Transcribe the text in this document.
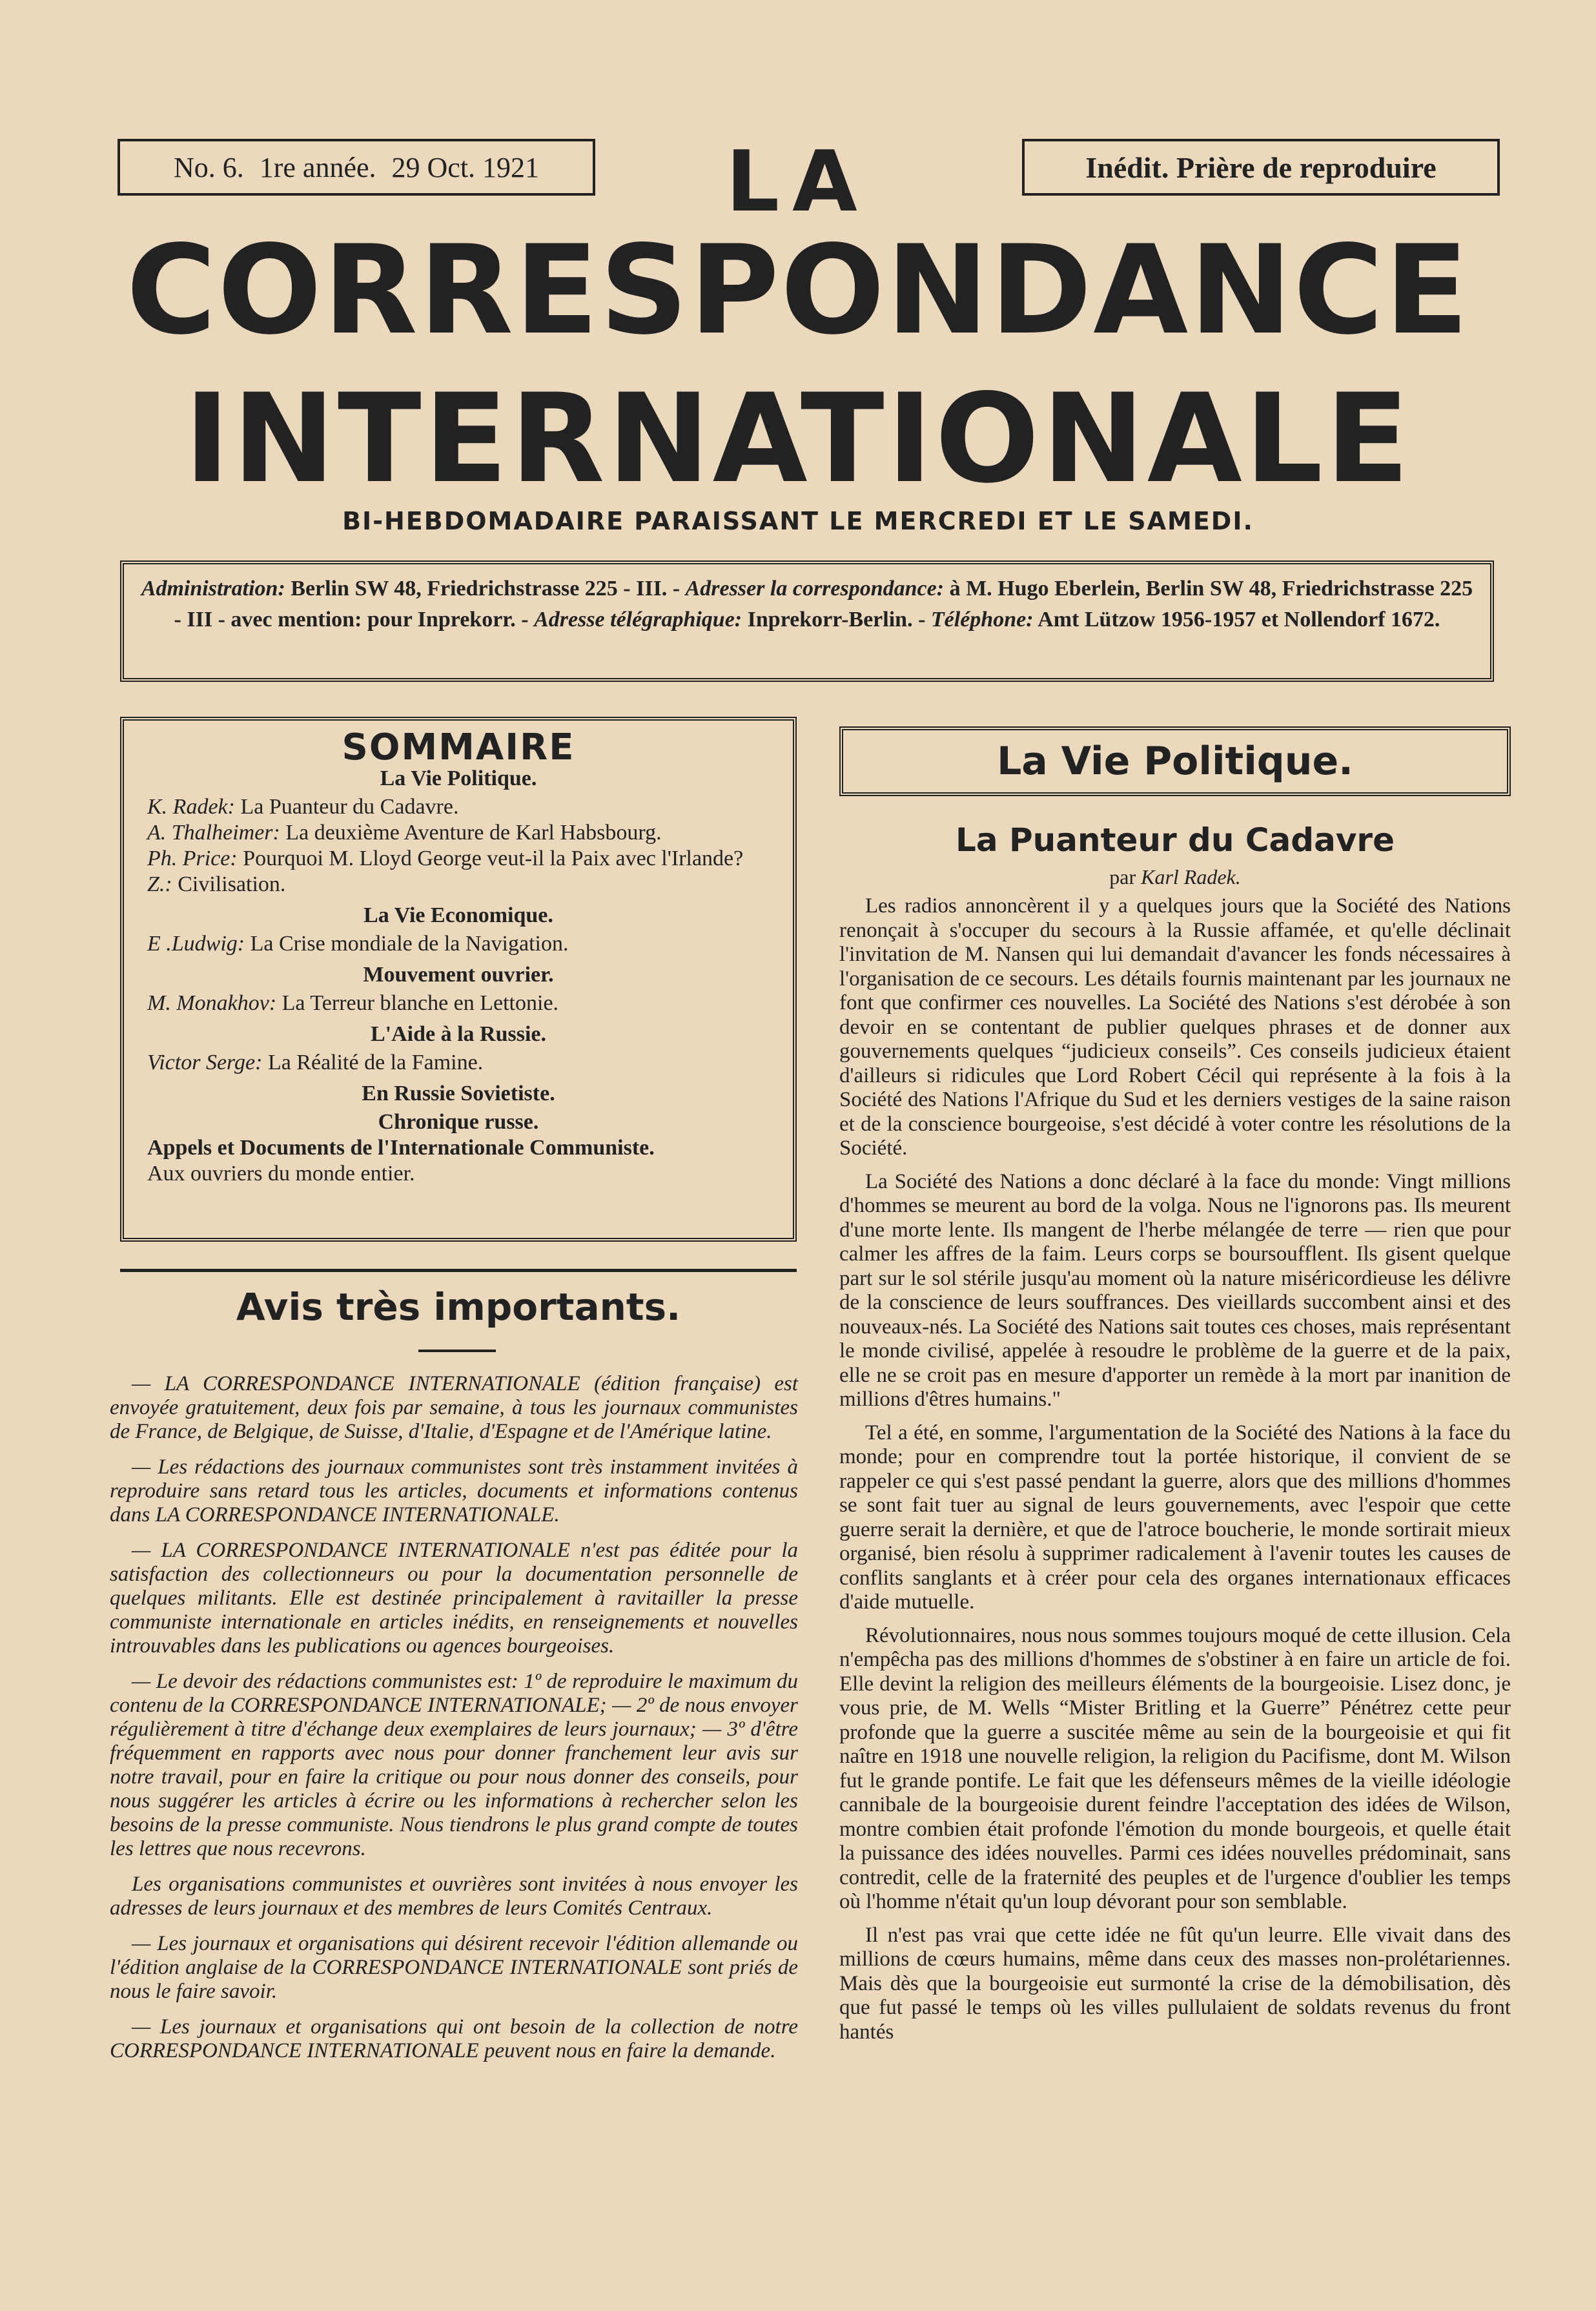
No. 6. 1re année. 29 Oct. 1921	LA	Inédit. Prière de reproduire
CORRESPONDANCE
INTERNATIONALE
BI-HEBDOMADAIRE PARAISSANT LE MERCREDI ET LE SAMEDI.
Administration: Berlin SW 48, Friedrichstrasse 225 - III. - Adresser la correspondance: à M. Hugo Eberlein, Berlin SW 48, Friedrichstrasse 225 - III - avec mention: pour Inprekorr. - Adresse télégraphique: Inprekorr-Berlin. - Téléphone: Amt Lützow 1956-1957 et Nollendorf 1672.
SOMMAIRE
La Vie Politique.
K. Radek: La Puanteur du Cadavre.
A. Thalheimer: La deuxième Aventure de Karl Habsbourg.
Ph. Price: Pourquoi M. Lloyd George veut-il la Paix avec l'Irlande?
Z.: Civilisation.
La Vie Economique.
E .Ludwig: La Crise mondiale de la Navigation.
Mouvement ouvrier.
M. Monakhov: La Terreur blanche en Lettonie.
L'Aide à la Russie.
Victor Serge: La Réalité de la Famine.
En Russie Sovietiste.
Chronique russe.
Appels et Documents de l'Internationale Communiste.
Aux ouvriers du monde entier.
Avis très importants.

— LA CORRESPONDANCE INTERNATIONALE (édition française) est envoyée gratuitement, deux fois par semaine, à tous les journaux communistes de France, de Belgique, de Suisse, d'Italie, d'Espagne et de l'Amérique latine.

— Les rédactions des journaux communistes sont très instamment invitées à reproduire sans retard tous les articles, documents et informations contenus dans LA CORRESPONDANCE INTERNATIONALE.

— LA CORRESPONDANCE INTERNATIONALE n'est pas éditée pour la satisfaction des collectionneurs ou pour la documentation personnelle de quelques militants. Elle est destinée principalement à ravitailler la presse communiste internationale en articles inédits, en renseignements et nouvelles introuvables dans les publications ou agences bourgeoises.

— Le devoir des rédactions communistes est: 1º de reproduire le maximum du contenu de la CORRESPONDANCE INTERNATIONALE; — 2º de nous envoyer régulièrement à titre d'échange deux exemplaires de leurs journaux; — 3º d'être fréquemment en rapports avec nous pour donner franchement leur avis sur notre travail, pour en faire la critique ou pour nous donner des conseils, pour nous suggérer les articles à écrire ou les informations à rechercher selon les besoins de la presse communiste. Nous tiendrons le plus grand compte de toutes les lettres que nous recevrons.

Les organisations communistes et ouvrières sont invitées à nous envoyer les adresses de leurs journaux et des membres de leurs Comités Centraux.

— Les journaux et organisations qui désirent recevoir l'édition allemande ou l'édition anglaise de la CORRESPONDANCE INTERNATIONALE sont priés de nous le faire savoir.

— Les journaux et organisations qui ont besoin de la collection de notre CORRESPONDANCE INTERNATIONALE peuvent nous en faire la demande.

La Vie Politique.
La Puanteur du Cadavre
par Karl Radek.

Les radios annoncèrent il y a quelques jours que la Société des Nations renonçait à s'occuper du secours à la Russie affamée, et qu'elle déclinait l'invitation de M. Nansen qui lui demandait d'avancer les fonds nécessaires à l'organisation de ce secours. Les détails fournis maintenant par les journaux ne font que confirmer ces nouvelles. La Société des Nations s'est dérobée à son devoir en se contentant de publier quelques phrases et de donner aux gouvernements quelques “judicieux conseils”. Ces conseils judicieux étaient d'ailleurs si ridicules que Lord Robert Cécil qui représente à la fois à la Société des Nations l'Afrique du Sud et les derniers vestiges de la saine raison et de la conscience bourgeoise, s'est décidé à voter contre les résolutions de la Société.

La Société des Nations a donc déclaré à la face du monde: Vingt millions d'hommes se meurent au bord de la volga. Nous ne l'ignorons pas. Ils meurent d'une morte lente. Ils mangent de l'herbe mélangée de terre — rien que pour calmer les affres de la faim. Leurs corps se boursoufflent. Ils gisent quelque part sur le sol stérile jusqu'au moment où la nature miséricordieuse les délivre de la conscience de leurs souffrances. Des vieillards succombent ainsi et des nouveaux-nés. La Société des Nations sait toutes ces choses, mais représentant le monde civilisé, appelée à resoudre le problème de la guerre et de la paix, elle ne se croit pas en mesure d'apporter un remède à la mort par inanition de millions d'êtres humains."

Tel a été, en somme, l'argumentation de la Société des Nations à la face du monde; pour en comprendre tout la portée historique, il convient de se rappeler ce qui s'est passé pendant la guerre, alors que des millions d'hommes se sont fait tuer au signal de leurs gouvernements, avec l'espoir que cette guerre serait la dernière, et que de l'atroce boucherie, le monde sortirait mieux organisé, bien résolu à supprimer radicalement à l'avenir toutes les causes de conflits sanglants et à créer pour cela des organes internationaux efficaces d'aide mutuelle.

Révolutionnaires, nous nous sommes toujours moqué de cette illusion. Cela n'empêcha pas des millions d'hommes de s'obstiner à en faire un article de foi. Elle devint la religion des meilleurs éléments de la bourgeoisie. Lisez donc, je vous prie, de M. Wells “Mister Britling et la Guerre” Pénétrez cette peur profonde que la guerre a suscitée même au sein de la bourgeoisie et qui fit naître en 1918 une nouvelle religion, la religion du Pacifisme, dont M. Wilson fut le grande pontife. Le fait que les défenseurs mêmes de la vieille idéologie cannibale de la bourgeoisie durent feindre l'acceptation des idées de Wilson, montre combien était profonde l'émotion du monde bourgeois, et quelle était la puissance des idées nouvelles. Parmi ces idées nouvelles prédominait, sans contredit, celle de la fraternité des peuples et de l'urgence d'oublier les temps où l'homme n'était qu'un loup dévorant pour son semblable.

Il n'est pas vrai que cette idée ne fût qu'un leurre. Elle vivait dans des millions de cœurs humains, même dans ceux des masses non-prolétariennes. Mais dès que la bourgeoisie eut surmonté la crise de la démobilisation, dès que fut passé le temps où les villes pullulaient de soldats revenus du front hantés
